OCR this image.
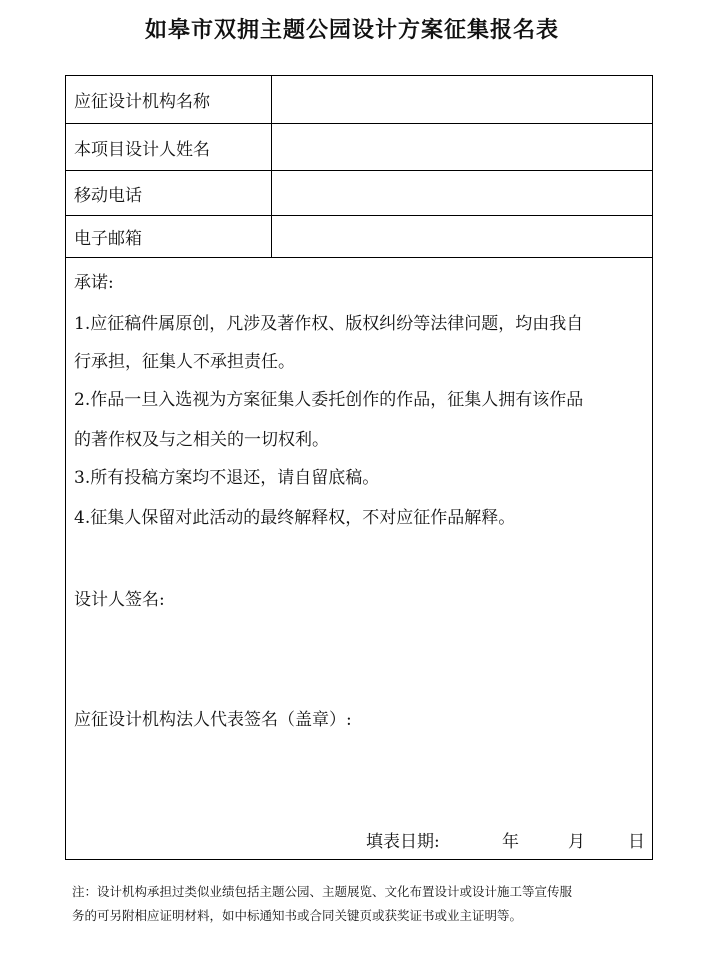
如皋市双拥主题公园设计方案征集报名表
应征设计机构名称
本项目设计人姓名
移动电话
电子邮箱
承诺:
1.应征稿件属原创，凡涉及著作权、版权纠纷等法律问题，均由我自
行承担，征集人不承担责任。
2.作品一旦入选视为方案征集人委托创作的作品，征集人拥有该作品
的著作权及与之相关的一切权利。
3.所有投稿方案均不退还，请自留底稿。
4.征集人保留对此活动的最终解释权，不对应征作品解释。
设计人签名:
应征设计机构法人代表签名（盖章）:
填表日期:	年	月	日
注：设计机构承担过类似业绩包括主题公园、主题展览、文化布置设计或设计施工等宣传服
务的可另附相应证明材料，如中标通知书或合同关键页或获奖证书或业主证明等。
